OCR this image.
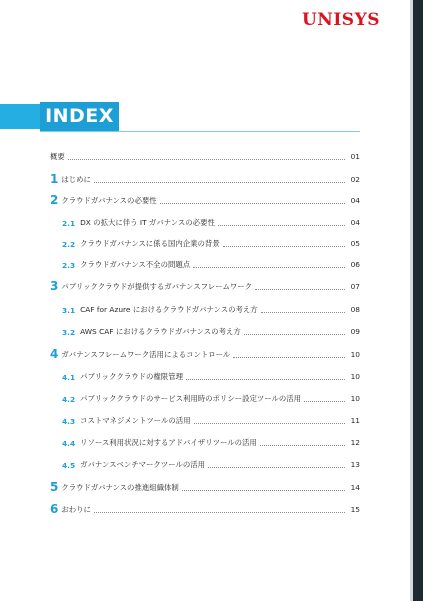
UNISYS
INDEX
概要	01
1 はじめに	02
2 クラウドガバナンスの必要性	04
2.1 DX の拡大に伴う IT ガバナンスの必要性	04
2.2 クラウドガバナンスに係る国内企業の背景	05
2.3 クラウドガバナンス不全の問題点	06
3 パブリッククラウドが提供するガバナンスフレームワーク	07
3.1 CAF for Azure におけるクラウドガバナンスの考え方	08
3.2 AWS CAF におけるクラウドガバナンスの考え方	09
4 ガバナンスフレームワーク活用によるコントロール	10
4.1 パブリッククラウドの権限管理	10
4.2 パブリッククラウドのサービス利用時のポリシー設定ツールの活用	10
4.3 コストマネジメントツールの活用	11
4.4 リソース利用状況に対するアドバイザリツールの活用	12
4.5 ガバナンスベンチマークツールの活用	13
5 クラウドガバナンスの推進組織体制	14
6 おわりに	15
